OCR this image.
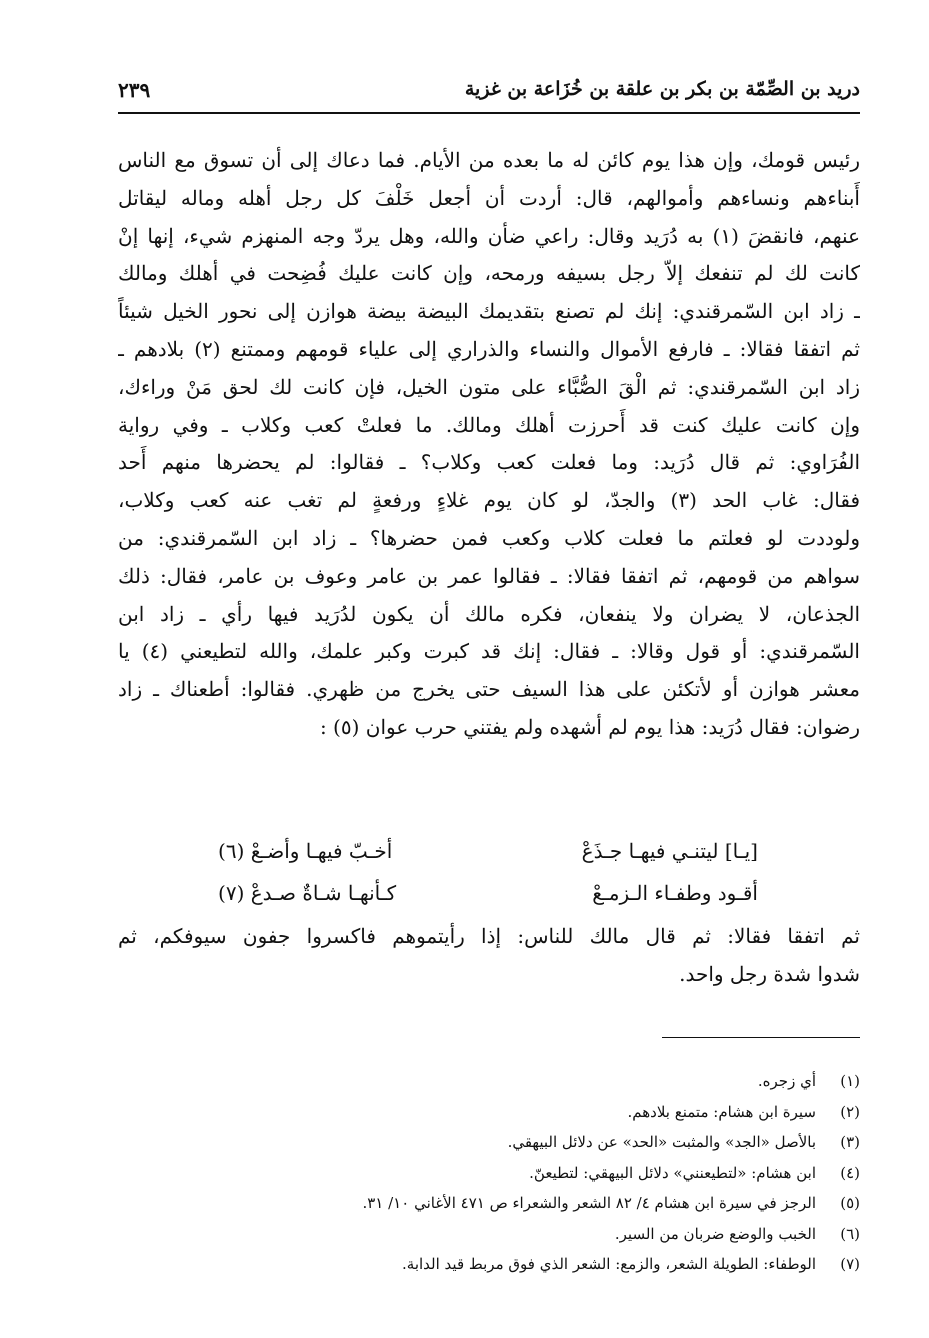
دريد بن الصِّمّة بن بكر بن علقة بن خُزَاعة بن غزية
٢٣٩
رئيس قومك، وإن هذا يوم كائن له ما بعده من الأيام. فما دعاك إلى أن تسوق مع الناس
أَبناءهم ونساءهم وأموالهم، قال: أردت أن أجعل خَلْفَ كل رجل أهله وماله ليقاتل
عنهم، فانقضَ (١) به دُرَيد وقال: راعي ضأن والله، وهل يردّ وجه المنهزم شيء، إنها إنْ
كانت لك لم تنفعك إلاّ رجل بسيفه ورمحه، وإن كانت عليك فُضِحت في أهلك ومالك
ـ زاد ابن السّمرقندي: إنك لم تصنع بتقديمك البيضة بيضة هوازن إلى نحور الخيل شيئاً
ثم اتفقا فقالا: ـ فارفع الأموال والنساء والذراري إلى علياء قومهم وممتنع (٢) بلادهم ـ
زاد ابن السّمرقندي: ثم الْقَ الصُّبَّاء على متون الخيل، فإن كانت لك لحق مَنْ وراءك،
وإن كانت عليك كنت قد أَحرزت أهلك ومالك. ما فعلتْ كعب وكلاب ـ وفي رواية
الفُرَاوي: ثم قال دُرَيد: وما فعلت كعب وكلاب؟ ـ فقالوا: لم يحضرها منهم أَحد
فقال: غاب الحد (٣) والجدّ، لو كان يوم غلاءٍ ورفعةٍ لم تغب عنه كعب وكلاب،
ولوددت لو فعلتم ما فعلت كلاب وكعب فمن حضرها؟ ـ زاد ابن السّمرقندي: من
سواهم من قومهم، ثم اتفقا فقالا: ـ فقالوا عمر بن عامر وعوف بن عامر، فقال: ذلك
الجذعان، لا يضران ولا ينفعان، فكره مالك أن يكون لدُرَيد فيها رأي ـ زاد ابن
السّمرقندي: أو قول وقالا: ـ فقال: إنك قد كبرت وكبر علمك، والله لتطيعني (٤) يا
معشر هوازن أو لأتكئن على هذا السيف حتى يخرج من ظهري. فقالوا: أطعناك ـ زاد
رضوان: فقال دُرَيد: هذا يوم لم أشهده ولم يفتني حرب عوان (٥) :
[يـا] ليتنـي فيهـا جـذَعْ
أخـبّ فيهـا وأضـعْ (٦)
أقـود وطفـاء الـزمـعْ
كـأنهـا شـاةٌ صـدعْ (٧)
ثم اتفقا فقالا: ثم قال مالك للناس: إذا رأيتموهم فاكسروا جفون سيوفكم، ثم
شدوا شدة رجل واحد.
(١)
أي زجره.
(٢)
سيرة ابن هشام: متمنع بلادهم.
(٣)
بالأصل «الجد» والمثبت «الحد» عن دلائل البيهقي.
(٤)
ابن هشام: «لتطيعنني» دلائل البيهقي: لتطيعنّ.
(٥)
الرجز في سيرة ابن هشام ٤/ ٨٢ الشعر والشعراء ص ٤٧١ الأغاني ١٠/ ٣١.
(٦)
الخبب والوضع ضربان من السير.
(٧)
الوطفاء: الطويلة الشعر، والزمع: الشعر الذي فوق مربط قيد الدابة.
